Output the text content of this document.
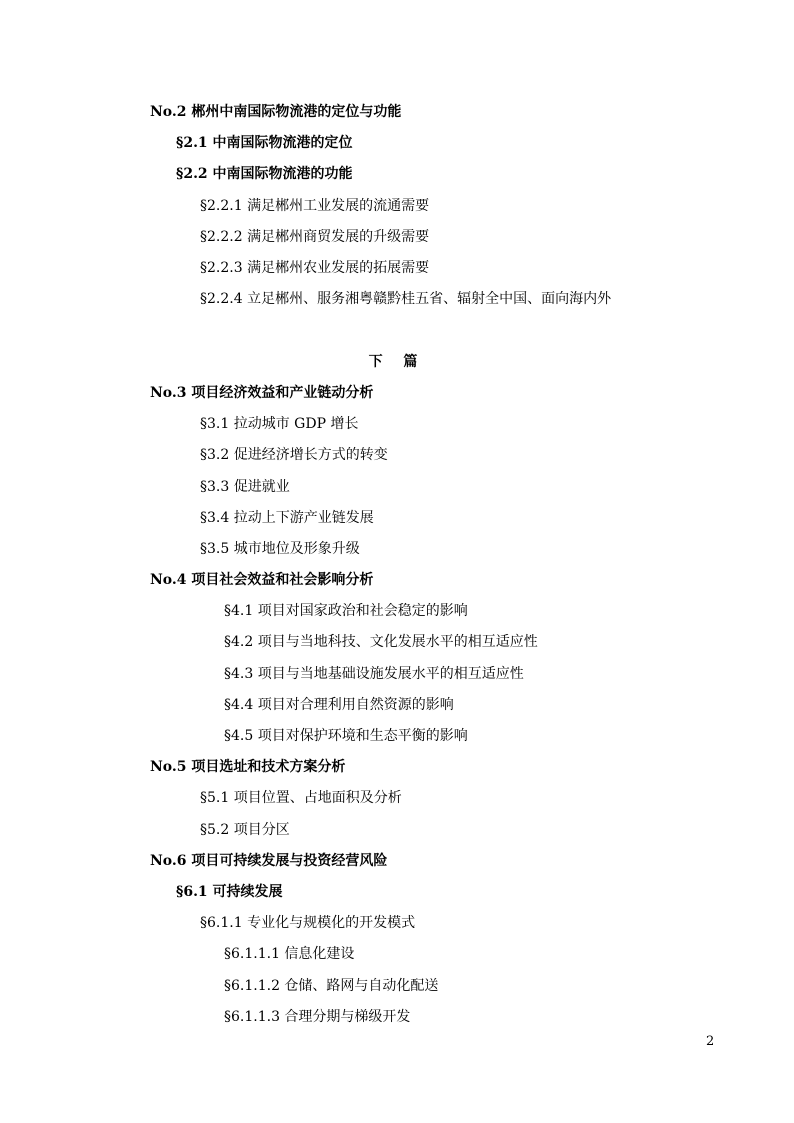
No.2 郴州中南国际物流港的定位与功能
§2.1 中南国际物流港的定位
§2.2 中南国际物流港的功能
§2.2.1 满足郴州工业发展的流通需要
§2.2.2 满足郴州商贸发展的升级需要
§2.2.3 满足郴州农业发展的拓展需要
§2.2.4 立足郴州、服务湘粤赣黔桂五省、辐射全中国、面向海内外
下 篇
No.3 项目经济效益和产业链动分析
§3.1 拉动城市 GDP 增长
§3.2 促进经济增长方式的转变
§3.3 促进就业
§3.4 拉动上下游产业链发展
§3.5 城市地位及形象升级
No.4 项目社会效益和社会影响分析
§4.1 项目对国家政治和社会稳定的影响
§4.2 项目与当地科技、文化发展水平的相互适应性
§4.3 项目与当地基础设施发展水平的相互适应性
§4.4 项目对合理利用自然资源的影响
§4.5 项目对保护环境和生态平衡的影响
No.5 项目选址和技术方案分析
§5.1 项目位置、占地面积及分析
§5.2 项目分区
No.6 项目可持续发展与投资经营风险
§6.1 可持续发展
§6.1.1 专业化与规模化的开发模式
§6.1.1.1 信息化建设
§6.1.1.2 仓储、路网与自动化配送
§6.1.1.3 合理分期与梯级开发
2
